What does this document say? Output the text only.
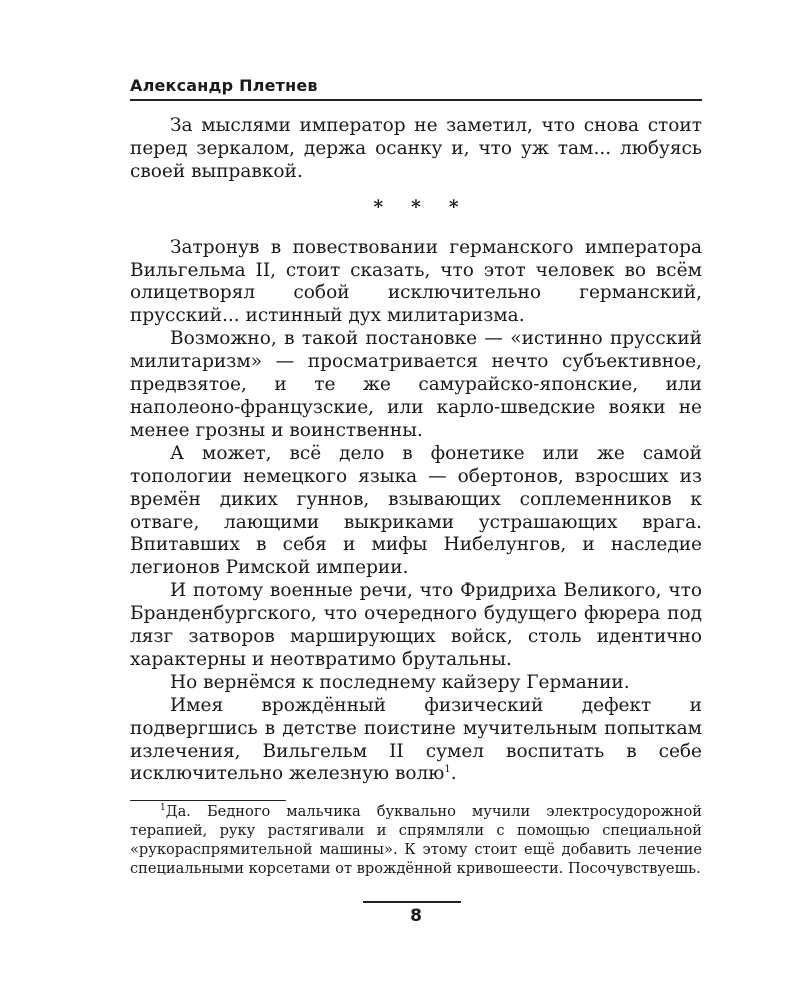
Александр Плетнев

За мыслями император не заметил, что снова стоит перед зеркалом, держа осанку и, что уж там... любуясь своей выправкой.

* * *

Затронув в повествовании германского императора Вильгельма II, стоит сказать, что этот человек во всём олицетворял собой исключительно германский, прусский... истинный дух милитаризма.

Возможно, в такой постановке — «истинно прусский милитаризм» — просматривается нечто субъективное, предвзятое, и те же самурайско-японские, или наполеоно-французские, или карло-шведские вояки не менее грозны и воинственны.

А может, всё дело в фонетике или же самой топологии немецкого языка — обертонов, взросших из времён диких гуннов, взывающих соплеменников к отваге, лающими выкриками устрашающих врага. Впитавших в себя и мифы Нибелунгов, и наследие легионов Римской империи.

И потому военные речи, что Фридриха Великого, что Бранденбургского, что очередного будущего фюрера под лязг затворов марширующих войск, столь идентично характерны и неотвратимо брутальны.

Но вернёмся к последнему кайзеру Германии.

Имея врождённый физический дефект и подвергшись в детстве поистине мучительным попыткам излечения, Вильгельм II сумел воспитать в себе исключительно железную волю$^1$.

$^1$Да. Бедного мальчика буквально мучили электросудорожной терапией, руку растягивали и спрямляли с помощью специальной «рукораспрямительной машины». К этому стоит ещё добавить лечение специальными корсетами от врождённой кривошеести. Посочувствуешь.

8
